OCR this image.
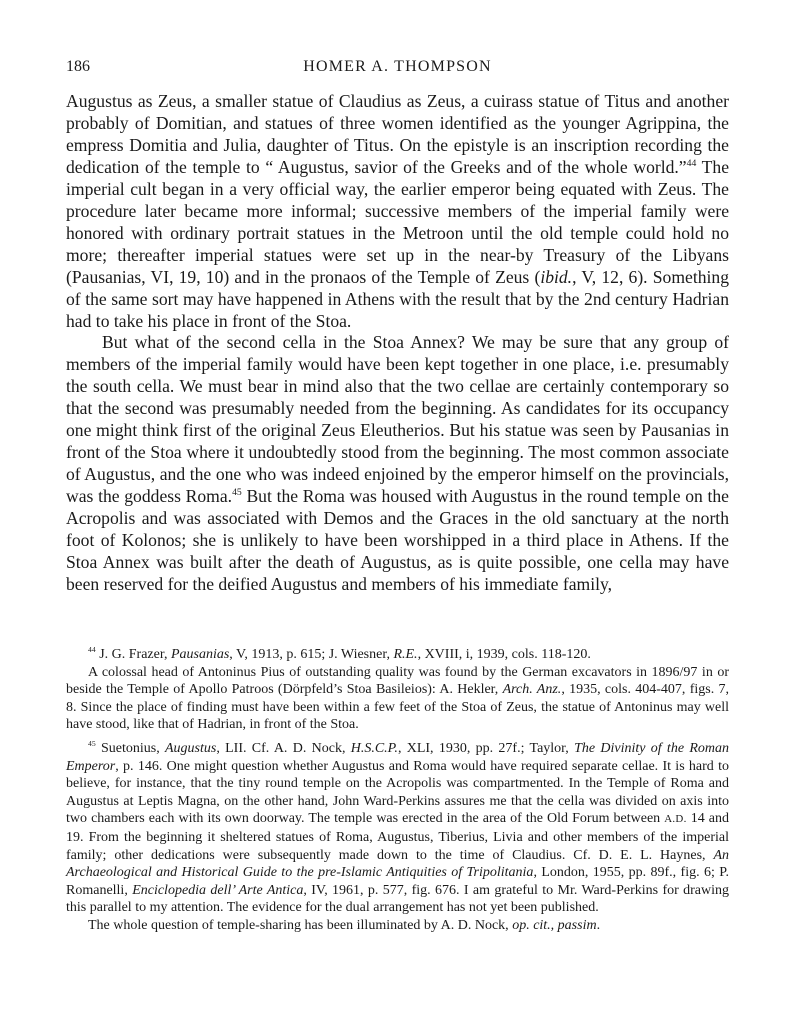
186	HOMER A. THOMPSON

Augustus as Zeus, a smaller statue of Claudius as Zeus, a cuirass statue of Titus and another probably of Domitian, and statues of three women identified as the younger Agrippina, the empress Domitia and Julia, daughter of Titus. On the epistyle is an inscription recording the dedication of the temple to “ Augustus, savior of the Greeks and of the whole world.”$^{44}$ The imperial cult began in a very official way, the earlier emperor being equated with Zeus. The procedure later became more informal; successive members of the imperial family were honored with ordinary portrait statues in the Metroon until the old temple could hold no more; thereafter imperial statues were set up in the near-by Treasury of the Libyans (Pausanias, VI, 19, 10) and in the pronaos of the Temple of Zeus (ibid., V, 12, 6). Something of the same sort may have happened in Athens with the result that by the 2nd century Hadrian had to take his place in front of the Stoa.

But what of the second cella in the Stoa Annex? We may be sure that any group of members of the imperial family would have been kept together in one place, i.e. presumably the south cella. We must bear in mind also that the two cellae are certainly contemporary so that the second was presumably needed from the beginning. As candidates for its occupancy one might think first of the original Zeus Eleutherios. But his statue was seen by Pausanias in front of the Stoa where it undoubtedly stood from the beginning. The most common associate of Augustus, and the one who was indeed enjoined by the emperor himself on the provincials, was the goddess Roma.$^{45}$ But the Roma was housed with Augustus in the round temple on the Acropolis and was associated with Demos and the Graces in the old sanctuary at the north foot of Kolonos; she is unlikely to have been worshipped in a third place in Athens. If the Stoa Annex was built after the death of Augustus, as is quite possible, one cella may have been reserved for the deified Augustus and members of his immediate family,

$^{44}$ J. G. Frazer, Pausanias, V, 1913, p. 615; J. Wiesner, R.E., XVIII, i, 1939, cols. 118-120.

A colossal head of Antoninus Pius of outstanding quality was found by the German excavators in 1896/97 in or beside the Temple of Apollo Patroos (Dörpfeld’s Stoa Basileios): A. Hekler, Arch. Anz., 1935, cols. 404-407, figs. 7, 8. Since the place of finding must have been within a few feet of the Stoa of Zeus, the statue of Antoninus may well have stood, like that of Hadrian, in front of the Stoa.

$^{45}$ Suetonius, Augustus, LII. Cf. A. D. Nock, H.S.C.P., XLI, 1930, pp. 27f.; Taylor, The Divinity of the Roman Emperor, p. 146. One might question whether Augustus and Roma would have required separate cellae. It is hard to believe, for instance, that the tiny round temple on the Acropolis was compartmented. In the Temple of Roma and Augustus at Leptis Magna, on the other hand, John Ward-Perkins assures me that the cella was divided on axis into two chambers each with its own doorway. The temple was erected in the area of the Old Forum between A.D. 14 and 19. From the beginning it sheltered statues of Roma, Augustus, Tiberius, Livia and other members of the imperial family; other dedications were subsequently made down to the time of Claudius. Cf. D. E. L. Haynes, An Archaeological and Historical Guide to the pre-Islamic Antiquities of Tripolitania, London, 1955, pp. 89f., fig. 6; P. Romanelli, Enciclopedia dell’ Arte Antica, IV, 1961, p. 577, fig. 676. I am grateful to Mr. Ward-Perkins for drawing this parallel to my attention. The evidence for the dual arrangement has not yet been published.

The whole question of temple-sharing has been illuminated by A. D. Nock, op. cit., passim.
